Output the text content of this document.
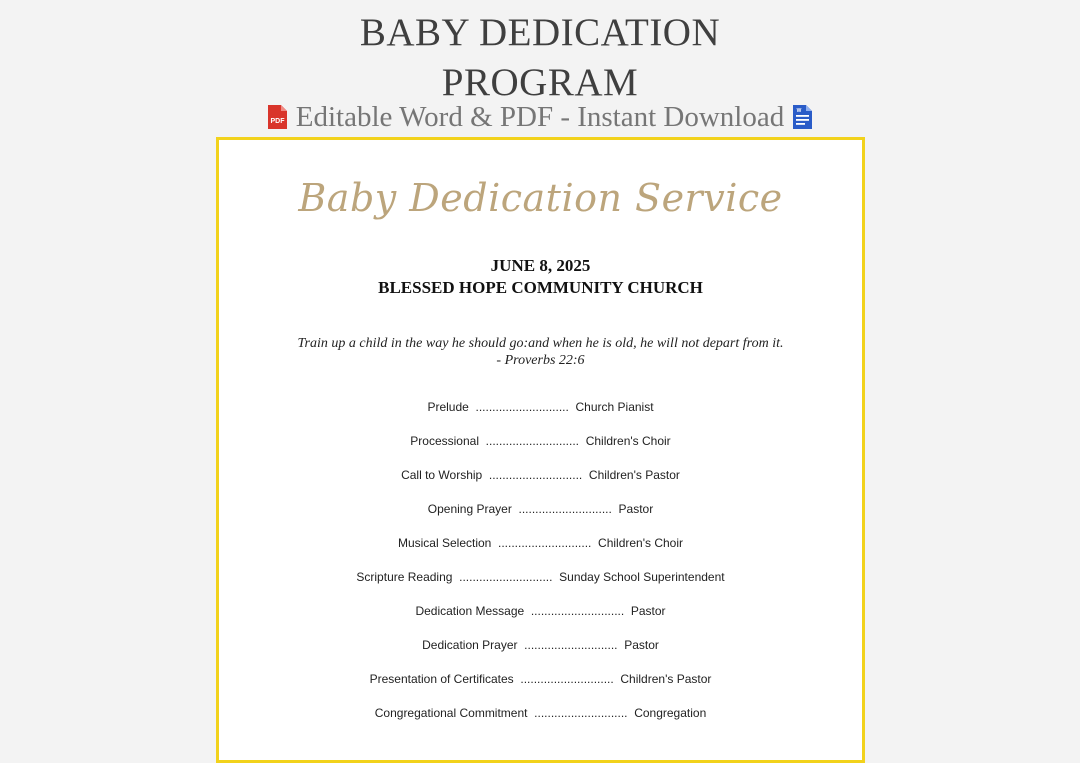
BABY DEDICATION
PROGRAM
PDF Editable Word & PDF - Instant Download	W
Baby Dedication Service
JUNE 8, 2025
BLESSED HOPE COMMUNITY CHURCH
Train up a child in the way he should go:and when he is old, he will not depart from it.
- Proverbs 22:6
Prelude  ............................  Church Pianist
Processional  ............................  Children's Choir
Call to Worship  ............................  Children's Pastor
Opening Prayer  ............................  Pastor
Musical Selection  ............................  Children's Choir
Scripture Reading  ............................  Sunday School Superintendent
Dedication Message  ............................  Pastor
Dedication Prayer  ............................  Pastor
Presentation of Certificates  ............................  Children's Pastor
Congregational Commitment  ............................  Congregation
